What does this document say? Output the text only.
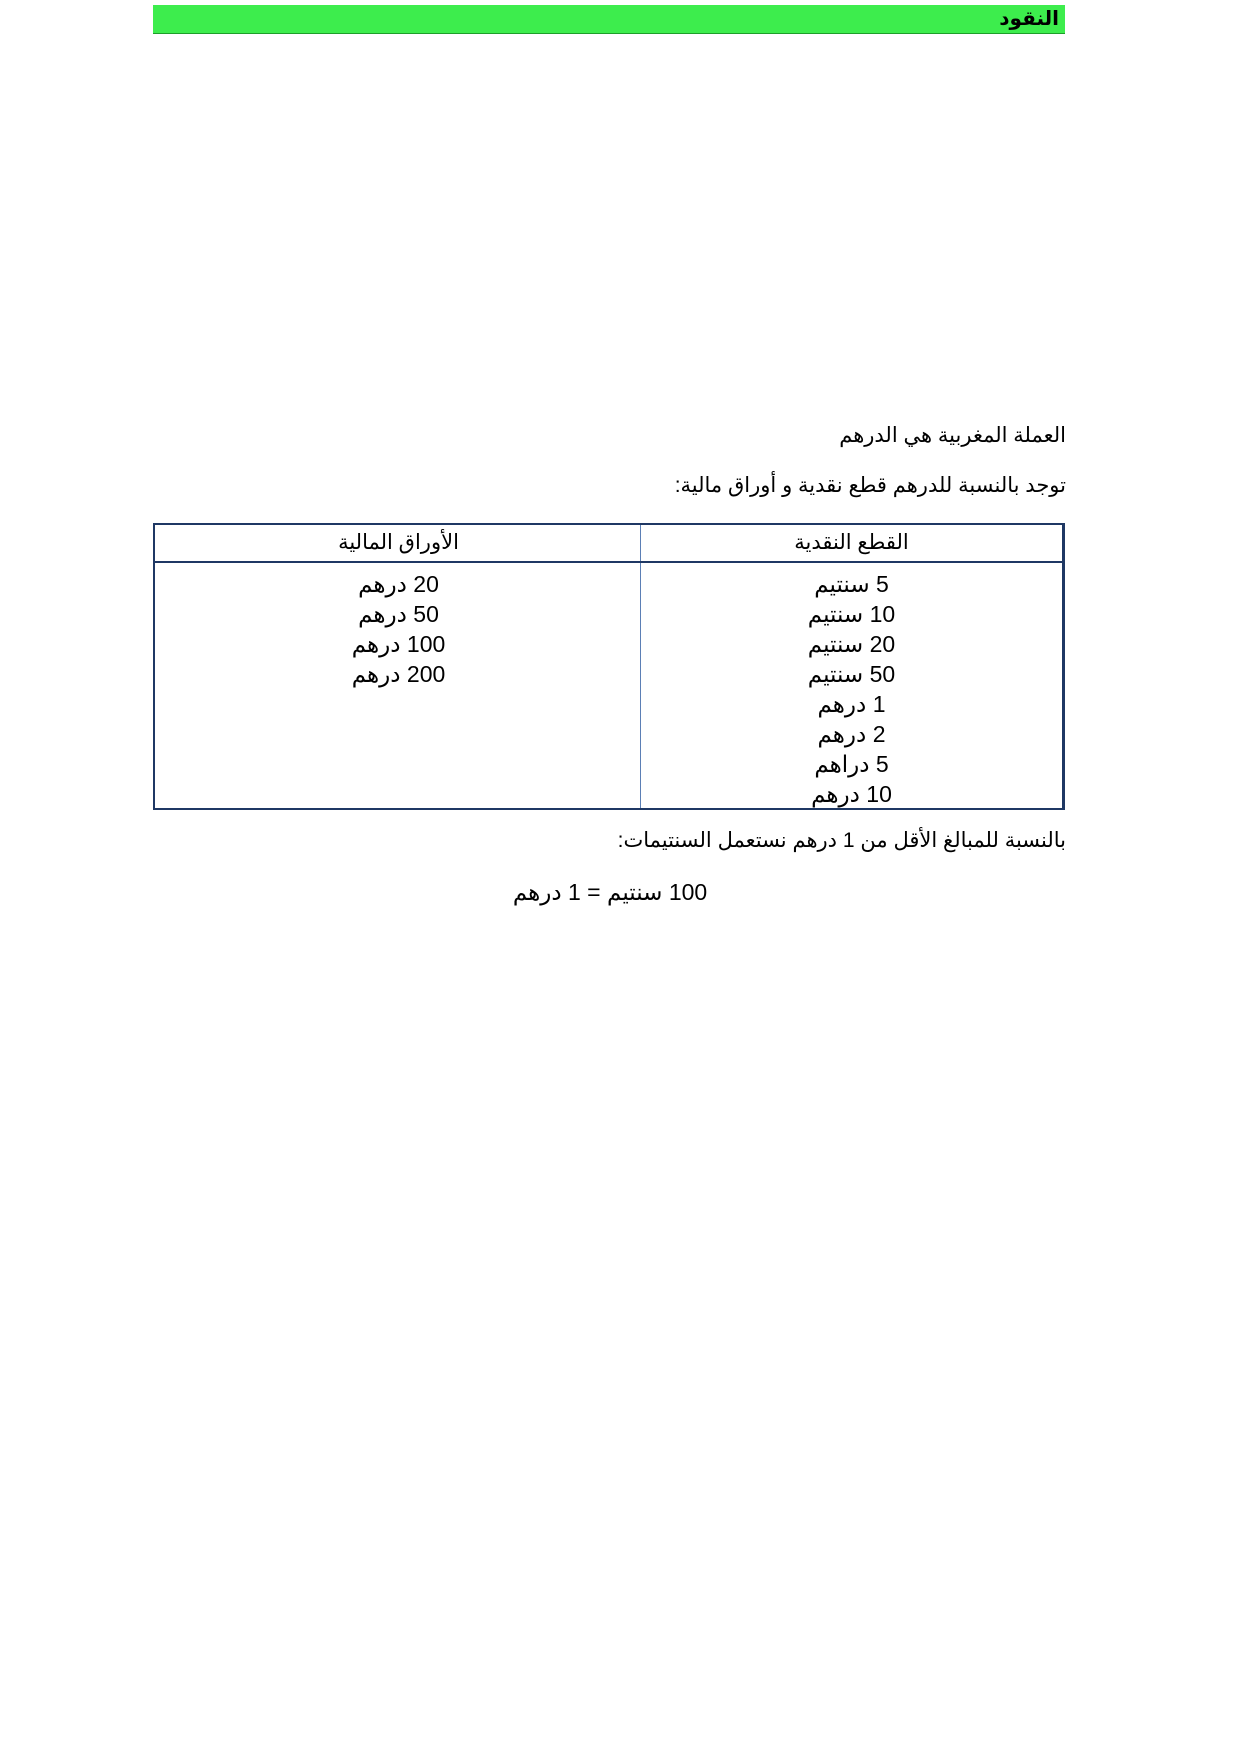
النقود
العملة المغربية هي الدرهم
توجد بالنسبة للدرهم قطع نقدية و أوراق مالية:
القطع النقدية
الأوراق المالية
5 سنتيم
10 سنتيم
20 سنتيم
50 سنتيم
1 درهم
2 درهم
5 دراهم
10 درهم
20 درهم
50 درهم
100 درهم
200 درهم
بالنسبة للمبالغ الأقل من 1 درهم نستعمل السنتيمات:
100 سنتيم = 1 درهم
